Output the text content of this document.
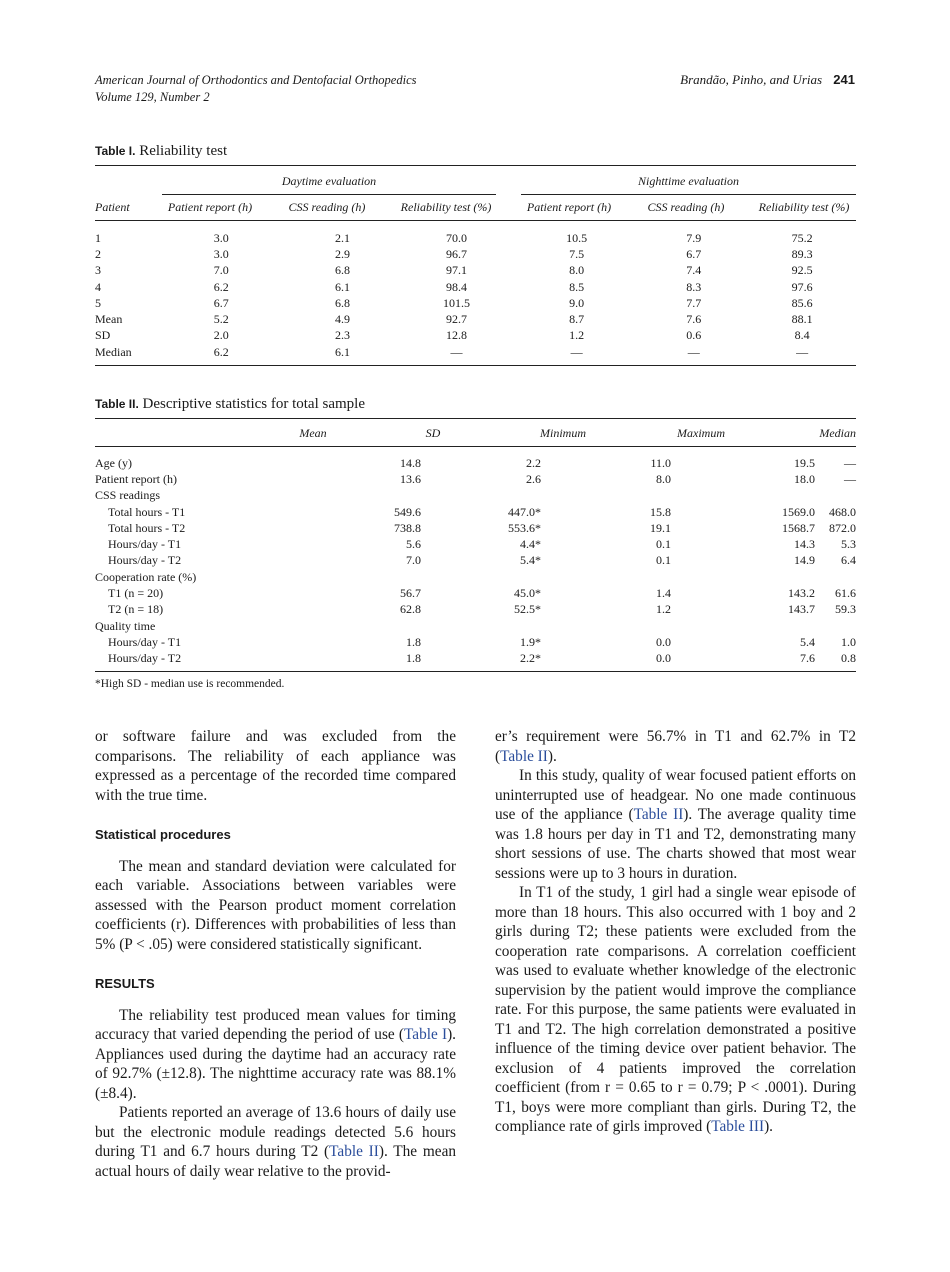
American Journal of Orthodontics and Dentofacial Orthopedics
Volume 129, Number 2
Brandão, Pinho, and Urias 241
Table I. Reliability test
Daytime evaluation	Nighttime evaluation
Patient	Patient report (h)	CSS reading (h)	Reliability test (%)	Patient report (h)	CSS reading (h)	Reliability test (%)
1	3.0	2.1	70.0	10.5	7.9	75.2
2	3.0	2.9	96.7	7.5	6.7	89.3
3	7.0	6.8	97.1	8.0	7.4	92.5
4	6.2	6.1	98.4	8.5	8.3	97.6
5	6.7	6.8	101.5	9.0	7.7	85.6
Mean	5.2	4.9	92.7	8.7	7.6	88.1
SD	2.0	2.3	12.8	1.2	0.6	8.4
Median	6.2	6.1	—	—	—	—
Table II. Descriptive statistics for total sample
Mean	SD	Minimum	Maximum	Median
Age (y)	14.8	2.2	11.0	19.5	—
Patient report (h)	13.6	2.6	8.0	18.0	—
CSS readings					
Total hours - T1	549.6	447.0*	15.8	1569.0	468.0
Total hours - T2	738.8	553.6*	19.1	1568.7	872.0
Hours/day - T1	5.6	4.4*	0.1	14.3	5.3
Hours/day - T2	7.0	5.4*	0.1	14.9	6.4
Cooperation rate (%)					
T1 (n = 20)	56.7	45.0*	1.4	143.2	61.6
T2 (n = 18)	62.8	52.5*	1.2	143.7	59.3
Quality time					
Hours/day - T1	1.8	1.9*	0.0	5.4	1.0
Hours/day - T2	1.8	2.2*	0.0	7.6	0.8
*High SD - median use is recommended.

or software failure and was excluded from the comparisons. The reliability of each appliance was expressed as a percentage of the recorded time compared with the true time.

Statistical procedures

The mean and standard deviation were calculated for each variable. Associations between variables were assessed with the Pearson product moment correlation coefficients (r). Differences with probabilities of less than 5% (P < .05) were considered statistically significant.

RESULTS

The reliability test produced mean values for timing accuracy that varied depending the period of use (Table I). Appliances used during the daytime had an accuracy rate of 92.7% (±12.8). The nighttime accuracy rate was 88.1% (±8.4).

Patients reported an average of 13.6 hours of daily use but the electronic module readings detected 5.6 hours during T1 and 6.7 hours during T2 (Table II). The mean actual hours of daily wear relative to the provid-

er’s requirement were 56.7% in T1 and 62.7% in T2 (Table II).

In this study, quality of wear focused patient efforts on uninterrupted use of headgear. No one made continuous use of the appliance (Table II). The average quality time was 1.8 hours per day in T1 and T2, demonstrating many short sessions of use. The charts showed that most wear sessions were up to 3 hours in duration.

In T1 of the study, 1 girl had a single wear episode of more than 18 hours. This also occurred with 1 boy and 2 girls during T2; these patients were excluded from the cooperation rate comparisons. A correlation coefficient was used to evaluate whether knowledge of the electronic supervision by the patient would improve the compliance rate. For this purpose, the same patients were evaluated in T1 and T2. The high correlation demonstrated a positive influence of the timing device over patient behavior. The exclusion of 4 patients improved the correlation coefficient (from r = 0.65 to r = 0.79; P < .0001). During T1, boys were more compliant than girls. During T2, the compliance rate of girls improved (Table III).
